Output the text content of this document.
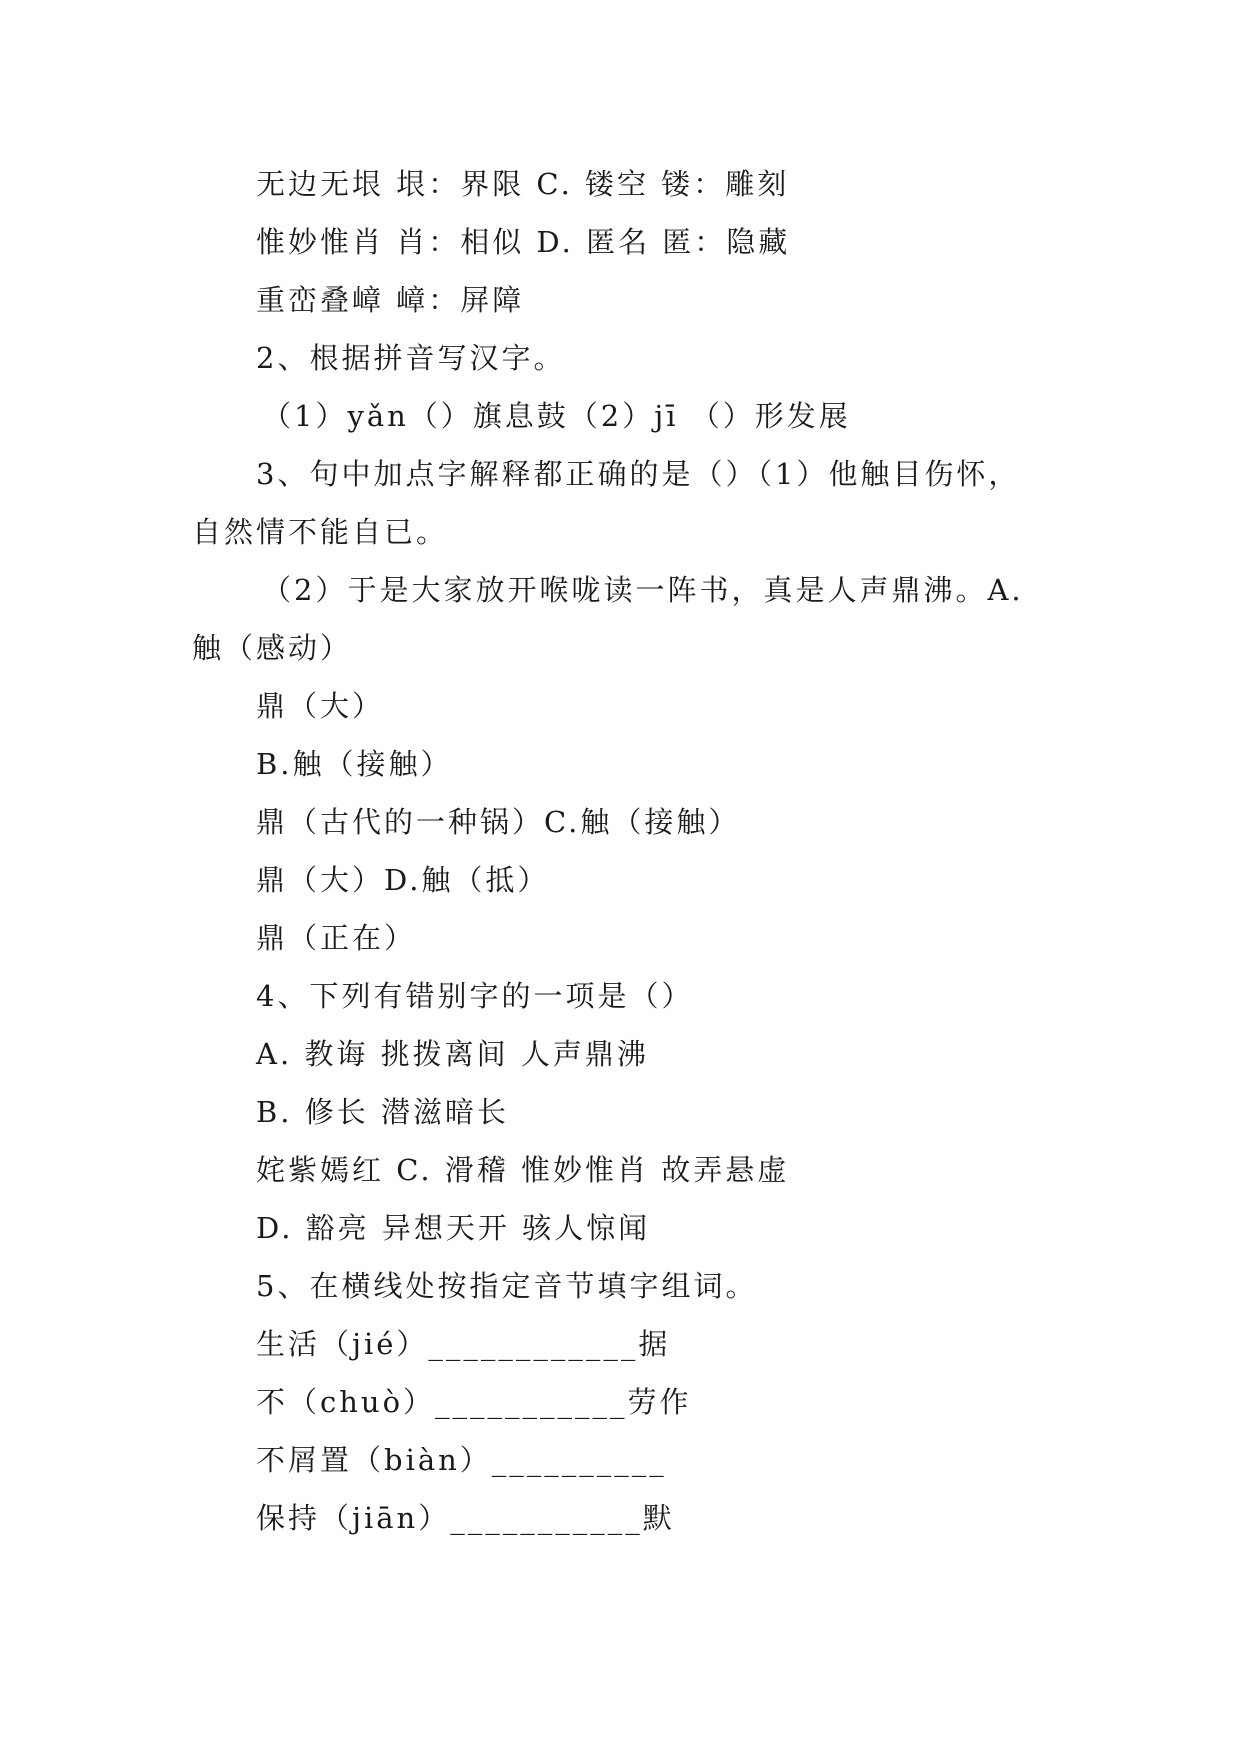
无边无垠 垠：界限 C. 镂空 镂：雕刻
惟妙惟肖 肖：相似 D. 匿名 匿：隐藏
重峦叠嶂 嶂：屏障
2、根据拼音写汉字。
（1）yǎn（）旗息鼓（2）jī （）形发展
3、句中加点字解释都正确的是（）（1）他触目伤怀，
自然情不能自已。
（2）于是大家放开喉咙读一阵书，真是人声鼎沸。A.
触（感动）
鼎（大）
B.触（接触）
鼎（古代的一种锅）C.触（接触）
鼎（大）D.触（抵）
鼎（正在）
4、下列有错别字的一项是（）
A. 教诲 挑拨离间 人声鼎沸
B. 修长 潜滋暗长
姹紫嫣红 C. 滑稽 惟妙惟肖 故弄悬虚
D. 豁亮 异想天开 骇人惊闻
5、在横线处按指定音节填字组词。
生活（jié）____________据
不（chuò）___________劳作
不屑置（biàn）__________
保持（jiān）___________默
